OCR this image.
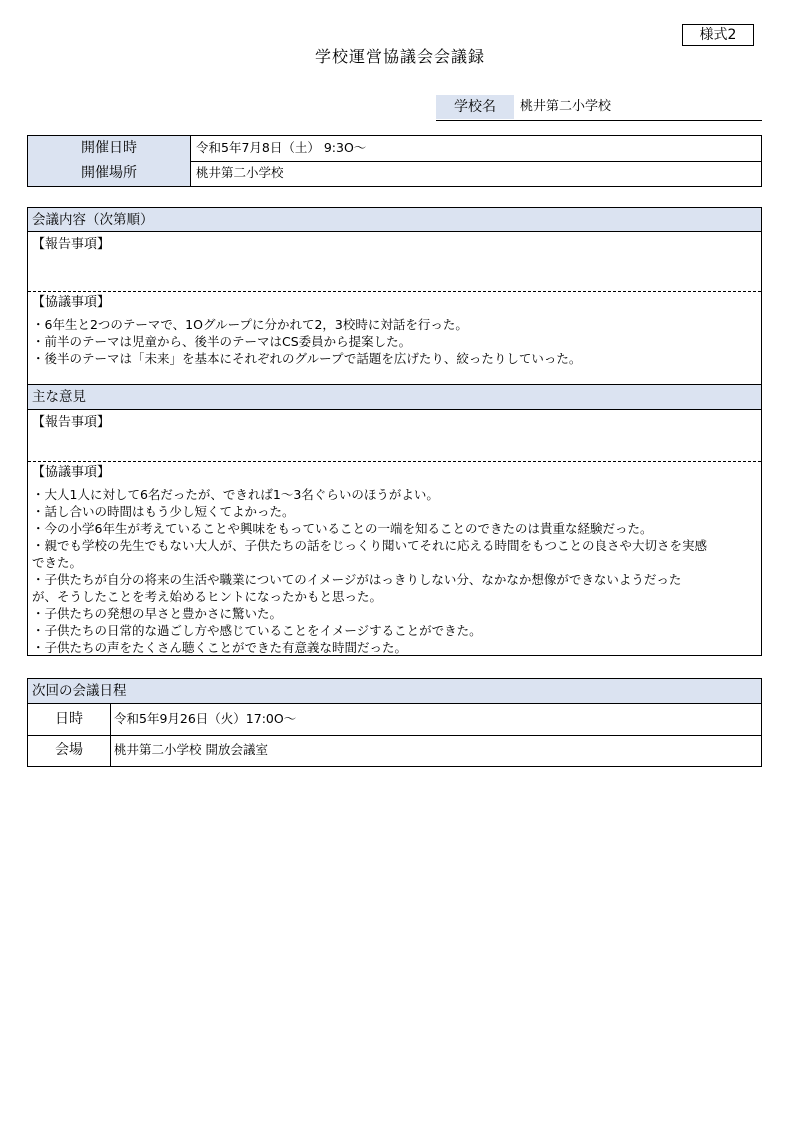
様式2
学校運営協議会会議録
学校名	桃井第二小学校
開催日時	令和5年7月8日（土） 9:3O〜
開催場所	桃井第二小学校
会議内容（次第順）
【報告事項】
【協議事項】
・6年生と2つのテーマで、1Oグループに分かれて2，3校時に対話を行った。
・前半のテーマは児童から、後半のテーマはCS委員から提案した。
・後半のテーマは「未来」を基本にそれぞれのグループで話題を広げたり、絞ったりしていった。
主な意見
【報告事項】
【協議事項】
・大人1人に対して6名だったが、できれば1〜3名ぐらいのほうがよい。
・話し合いの時間はもう少し短くてよかった。
・今の小学6年生が考えていることや興味をもっていることの一端を知ることのできたのは貴重な経験だった。
・親でも学校の先生でもない大人が、子供たちの話をじっくり聞いてそれに応える時間をもつことの良さや大切さを実感
できた。
・子供たちが自分の将来の生活や職業についてのイメージがはっきりしない分、なかなか想像ができないようだった
が、そうしたことを考え始めるヒントになったかもと思った。
・子供たちの発想の早さと豊かさに驚いた。
・子供たちの日常的な過ごし方や感じていることをイメージすることができた。
・子供たちの声をたくさん聴くことができた有意義な時間だった。
次回の会議日程
日時	令和5年9月26日（火）17:0O〜
会場	桃井第二小学校 開放会議室
